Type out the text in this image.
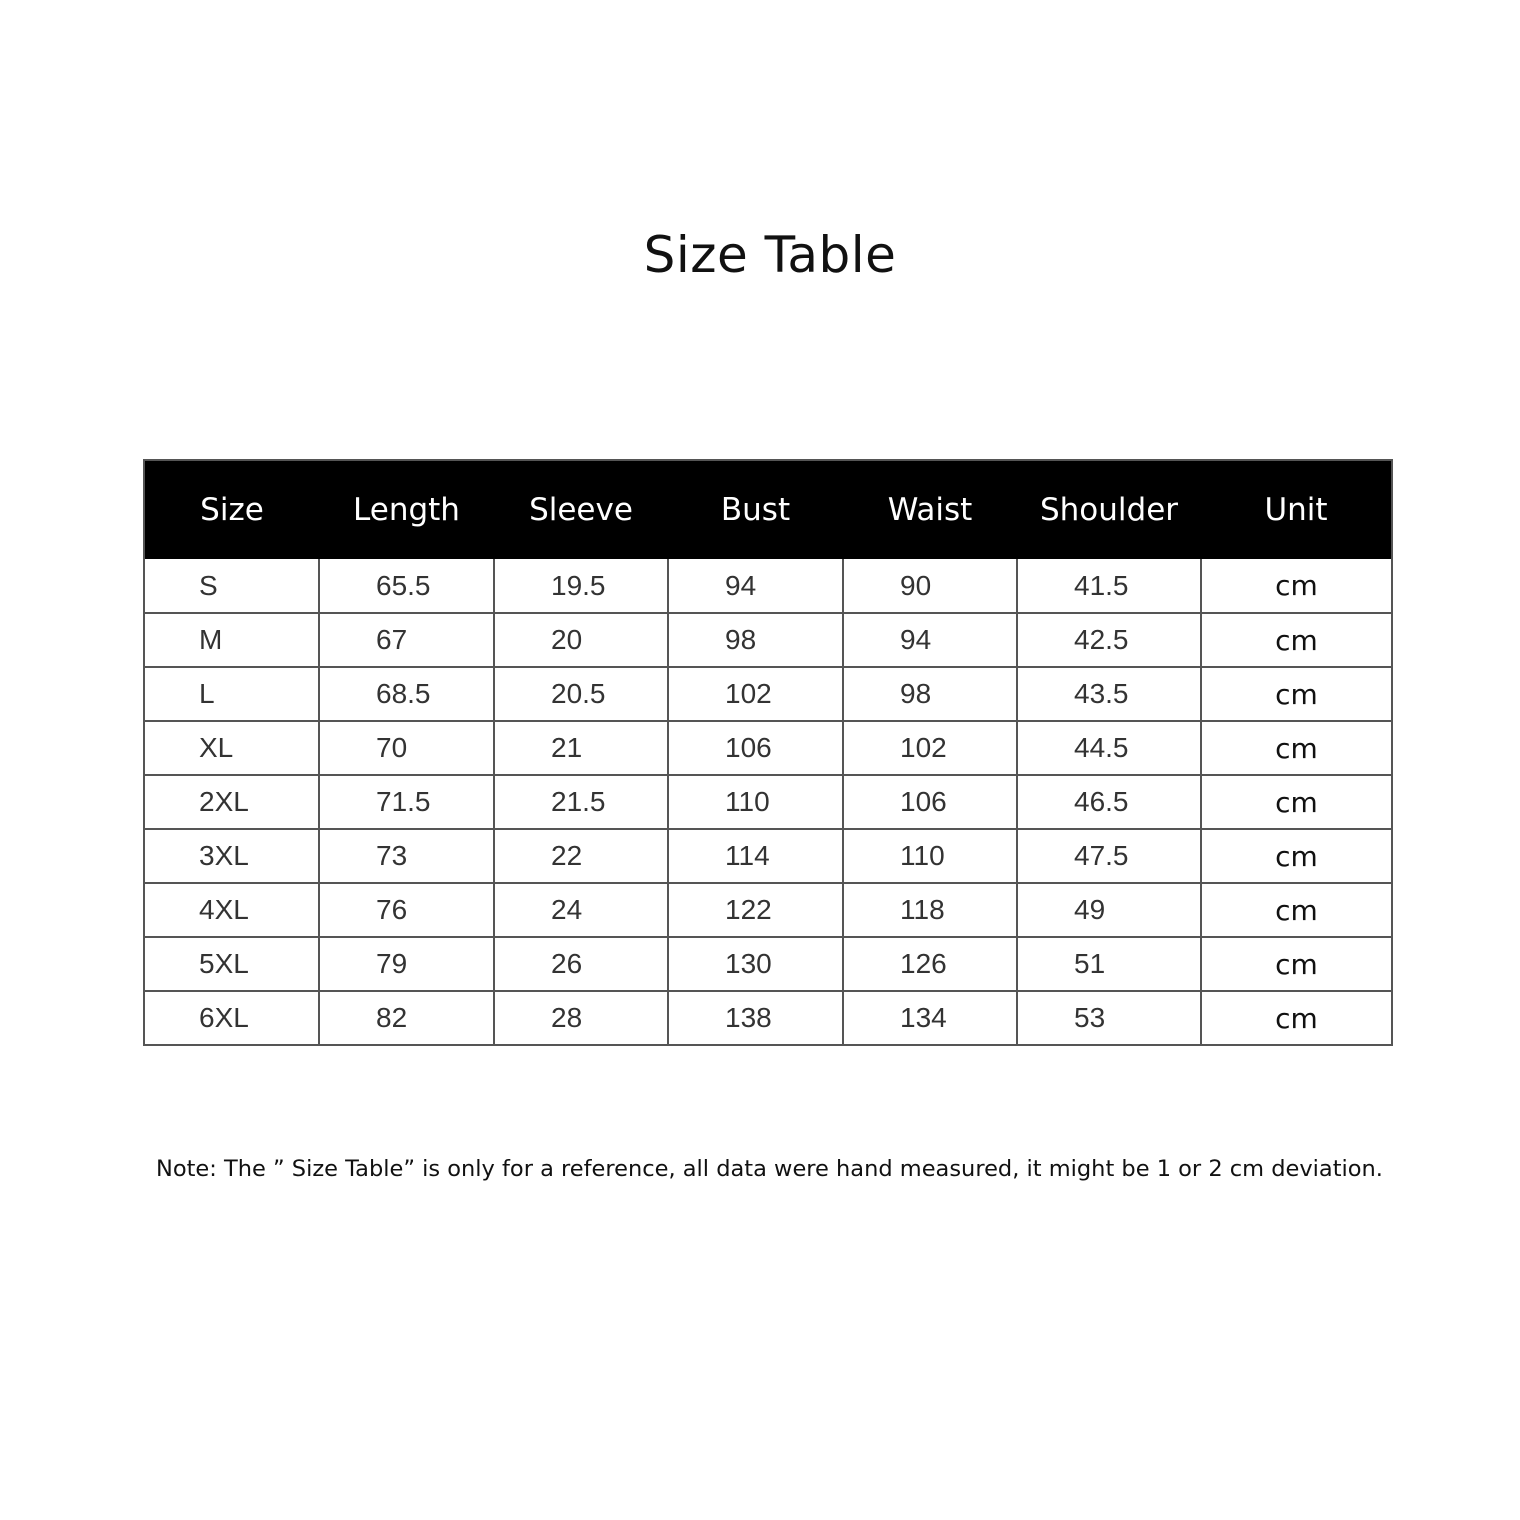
Size Table
Size	Length	Sleeve	Bust	Waist	Shoulder	Unit
S	65.5	19.5	94	90	41.5	cm
M	67	20	98	94	42.5	cm
L	68.5	20.5	102	98	43.5	cm
XL	70	21	106	102	44.5	cm
2XL	71.5	21.5	110	106	46.5	cm
3XL	73	22	114	110	47.5	cm
4XL	76	24	122	118	49	cm
5XL	79	26	130	126	51	cm
6XL	82	28	138	134	53	cm

Note: The ” Size Table” is only for a reference, all data were hand measured, it might be 1 or 2 cm deviation.
